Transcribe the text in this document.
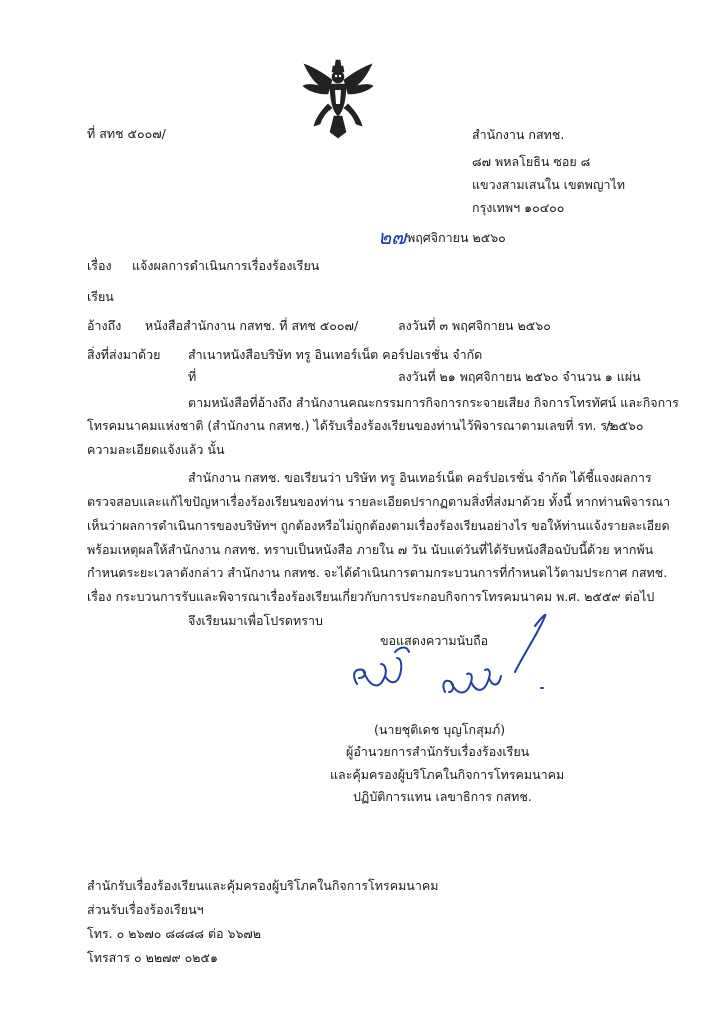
ที่ สทช ๕๐๐๗/	สำนักงาน กสทช.
๘๗ พหลโยธิน ซอย ๘
แขวงสามเสนใน เขตพญาไท
กรุงเทพฯ ๑๐๔๐๐
๒๗ พฤศจิกายน ๒๕๖๐
เรื่อง แจ้งผลการดำเนินการเรื่องร้องเรียน
เรียน
อ้างถึง หนังสือสำนักงาน กสทช. ที่ สทช ๕๐๐๗/	ลงวันที่ ๓ พฤศจิกายน ๒๕๖๐
สิ่งที่ส่งมาด้วย สำเนาหนังสือบริษัท ทรู อินเทอร์เน็ต คอร์ปอเรชั่น จำกัด
ที่	ลงวันที่ ๒๑ พฤศจิกายน ๒๕๖๐ จำนวน ๑ แผ่น
ตามหนังสือที่อ้างถึง สำนักงานคณะกรรมการกิจการกระจายเสียง กิจการโทรทัศน์ และกิจการ
โทรคมนาคมแห่งชาติ (สำนักงาน กสทช.) ได้รับเรื่องร้องเรียนของท่านไว้พิจารณาตามเลขที่ รท. รร
/๒๕๖๐
ความละเอียดแจ้งแล้ว นั้น
สำนักงาน กสทช. ขอเรียนว่า บริษัท ทรู อินเทอร์เน็ต คอร์ปอเรชั่น จำกัด ได้ชี้แจงผลการ
ตรวจสอบและแก้ไขปัญหาเรื่องร้องเรียนของท่าน รายละเอียดปรากฏตามสิ่งที่ส่งมาด้วย ทั้งนี้ หากท่านพิจารณา
เห็นว่าผลการดำเนินการของบริษัทฯ ถูกต้องหรือไม่ถูกต้องตามเรื่องร้องเรียนอย่างไร ขอให้ท่านแจ้งรายละเอียด
พร้อมเหตุผลให้สำนักงาน กสทช. ทราบเป็นหนังสือ ภายใน ๗ วัน นับแต่วันที่ได้รับหนังสือฉบับนี้ด้วย หากพ้น
กำหนดระยะเวลาดังกล่าว สำนักงาน กสทช. จะได้ดำเนินการตามกระบวนการที่กำหนดไว้ตามประกาศ กสทช.
เรื่อง กระบวนการรับและพิจารณาเรื่องร้องเรียนเกี่ยวกับการประกอบกิจการโทรคมนาคม พ.ศ. ๒๕๕๙ ต่อไป
จึงเรียนมาเพื่อโปรดทราบ
ขอแสดงความนับถือ
(นายชุติเดช บุญโกสุมภ์)
ผู้อำนวยการสำนักรับเรื่องร้องเรียน
และคุ้มครองผู้บริโภคในกิจการโทรคมนาคม
ปฏิบัติการแทน เลขาธิการ กสทช.
สำนักรับเรื่องร้องเรียนและคุ้มครองผู้บริโภคในกิจการโทรคมนาคม
ส่วนรับเรื่องร้องเรียนฯ
โทร. ๐ ๒๖๗๐ ๘๘๘๘ ต่อ ๖๖๗๒
โทรสาร ๐ ๒๒๗๙ ๐๒๕๑
